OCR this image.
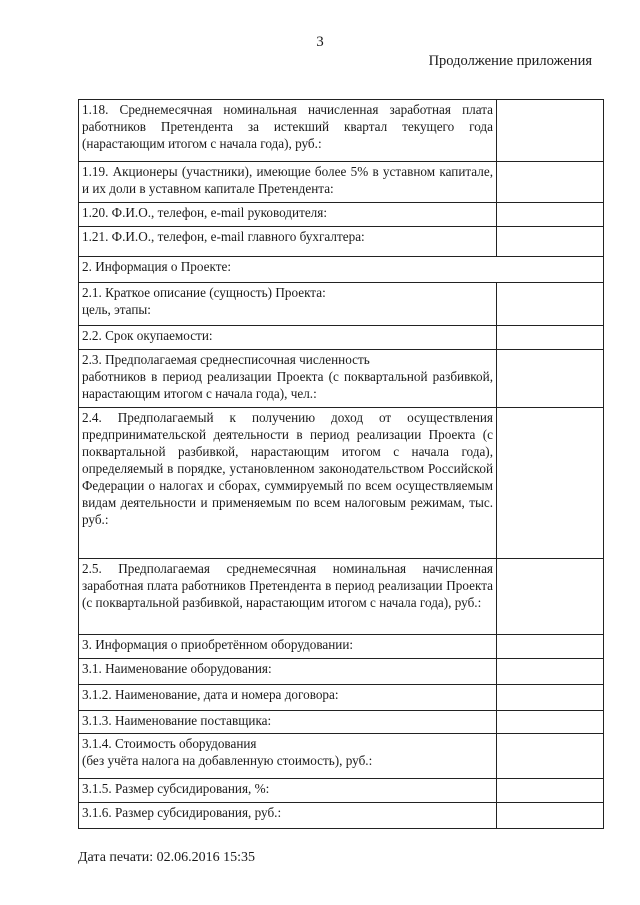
3
Продолжение приложения
1.18. Среднемесячная номинальная начисленная заработная плата работников Претендента за истекший квартал текущего года (нарастающим итогом с начала года), руб.:	
1.19. Акционеры (участники), имеющие более 5% в уставном капитале, и их доли в уставном капитале Претендента:	
1.20. Ф.И.О., телефон, e-mail руководителя:	
1.21. Ф.И.О., телефон, e-mail главного бухгалтера:	
2. Информация о Проекте:	
2.1. Краткое описание (сущность) Проекта:
цель, этапы:	
2.2. Срок окупаемости:	
2.3. Предполагаемая среднесписочная численность
работников в период реализации Проекта (с поквартальной разбивкой, нарастающим итогом с начала года), чел.:	
2.4. Предполагаемый к получению доход от осуществления предпринимательской деятельности в период реализации Проекта (с поквартальной разбивкой, нарастающим итогом с начала года), определяемый в порядке, установленном законодательством Российской Федерации о налогах и сборах, суммируемый по всем осуществляемым видам деятельности и применяемым по всем налоговым режимам, тыс. руб.:	
2.5. Предполагаемая среднемесячная номинальная начисленная заработная плата работников Претендента в период реализации Проекта (с поквартальной разбивкой, нарастающим итогом с начала года), руб.:	
3. Информация о приобретённом оборудовании:	
3.1. Наименование оборудования:	
3.1.2. Наименование, дата и номера договора:	
3.1.3. Наименование поставщика:	
3.1.4. Стоимость оборудования
(без учёта налога на добавленную стоимость), руб.:	
3.1.5. Размер субсидирования, %:	
3.1.6. Размер субсидирования, руб.:	
Дата печати: 02.06.2016 15:35
